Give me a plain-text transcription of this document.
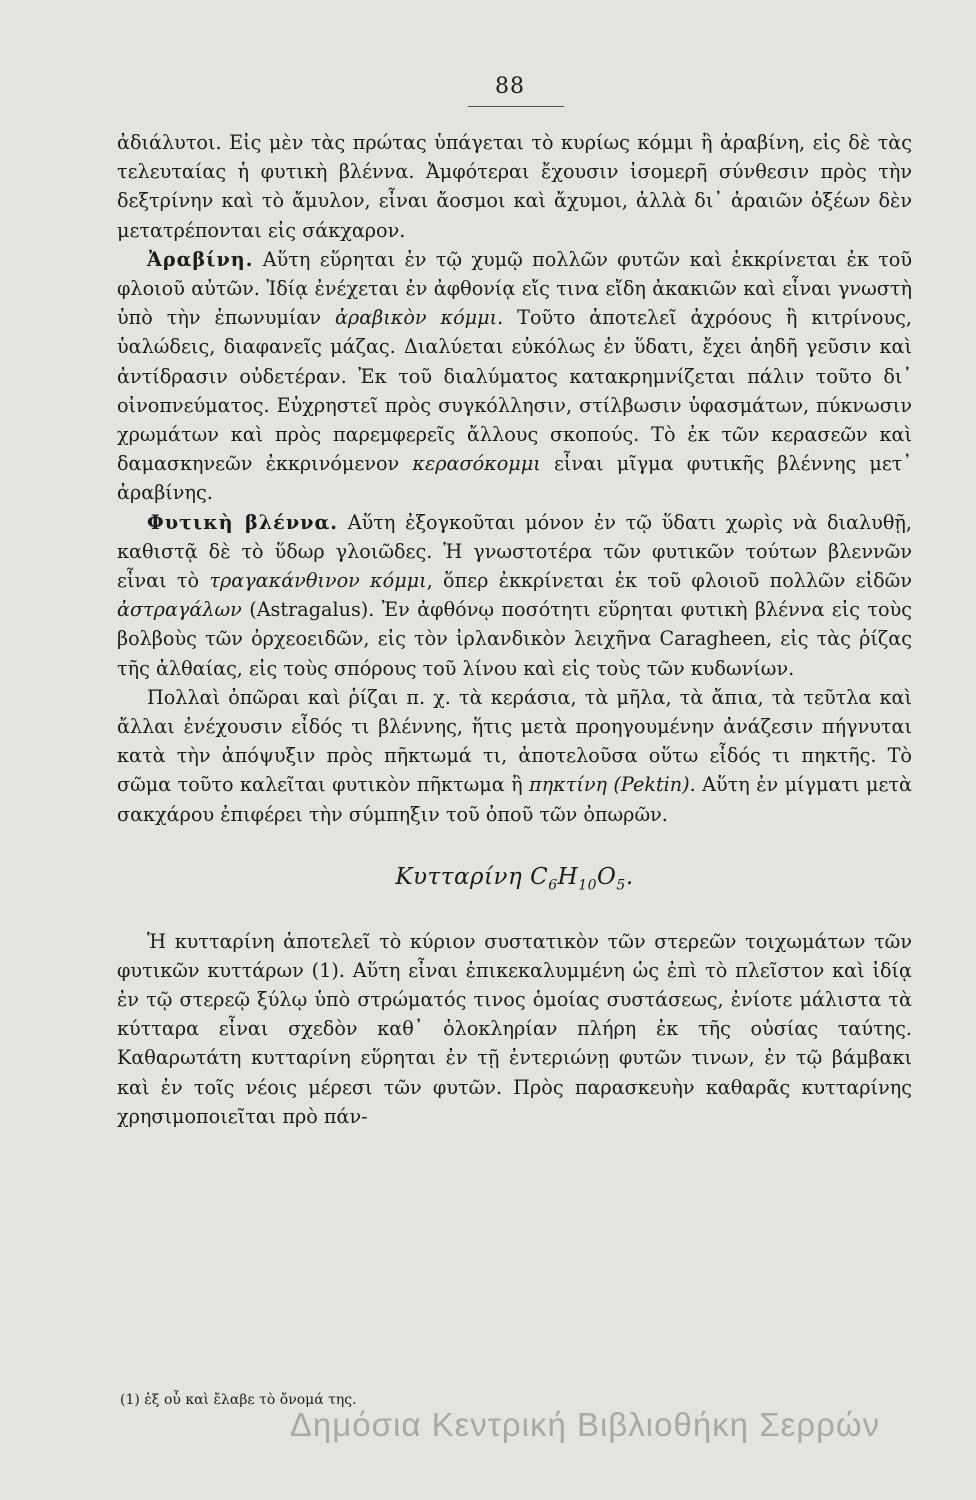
88

ἀδιάλυτοι. Εἰς μὲν τὰς πρώτας ὑπάγεται τὸ κυρίως κόμμι ἢ ἀραβίνη, εἰς δὲ τὰς τελευταίας ἡ φυτικὴ βλέννα. Ἀμφότεραι ἔχουσιν ἰσομερῆ σύνθεσιν πρὸς τὴν δεξτρίνην καὶ τὸ ἄμυλον, εἶναι ἄοσμοι καὶ ἄχυμοι, ἀλλὰ δι᾿ ἀραιῶν ὀξέων δὲν μετατρέπονται εἰς σάκχαρον.

Ἀραβίνη. Αὕτη εὕρηται ἐν τῷ χυμῷ πολλῶν φυτῶν καὶ ἐκκρίνεται ἐκ τοῦ φλοιοῦ αὐτῶν. Ἰδίᾳ ἐνέχεται ἐν ἀφθονίᾳ εἴς τινα εἴδη ἀκακιῶν καὶ εἶναι γνωστὴ ὑπὸ τὴν ἐπωνυμίαν ἀραβικὸν κόμμι. Τοῦτο ἀποτελεῖ ἀχρόους ἢ κιτρίνους, ὑαλώδεις, διαφανεῖς μάζας. Διαλύεται εὐκόλως ἐν ὕδατι, ἔχει ἀηδῆ γεῦσιν καὶ ἀντίδρασιν οὐδετέραν. Ἐκ τοῦ διαλύματος κατακρημνίζεται πάλιν τοῦτο δι᾿ οἰνοπνεύματος. Εὐχρηστεῖ πρὸς συγκόλλησιν, στίλβωσιν ὑφασμάτων, πύκνωσιν χρωμάτων καὶ πρὸς παρεμφερεῖς ἄλλους σκοπούς. Τὸ ἐκ τῶν κερασεῶν καὶ δαμασκηνεῶν ἐκκρινόμενον κερασόκομμι εἶναι μῖγμα φυτικῆς βλέννης μετ᾿ ἀραβίνης.

Φυτικὴ βλέννα. Αὕτη ἐξογκοῦται μόνον ἐν τῷ ὕδατι χωρὶς νὰ διαλυθῇ, καθιστᾷ δὲ τὸ ὕδωρ γλοιῶδες. Ἡ γνωστοτέρα τῶν φυτικῶν τούτων βλεννῶν εἶναι τὸ τραγακάνθινον κόμμι, ὅπερ ἐκκρίνεται ἐκ τοῦ φλοιοῦ πολλῶν εἰδῶν ἀστραγάλων (Astragalus). Ἐν ἀφθόνῳ ποσότητι εὕρηται φυτικὴ βλέννα εἰς τοὺς βολβοὺς τῶν ὀρχεοειδῶν, εἰς τὸν ἰρλανδικὸν λειχῆνα Caragheen, εἰς τὰς ῥίζας τῆς ἀλθαίας, εἰς τοὺς σπόρους τοῦ λίνου καὶ εἰς τοὺς τῶν κυδωνίων.

Πολλαὶ ὀπῶραι καὶ ῥίζαι π. χ. τὰ κεράσια, τὰ μῆλα, τὰ ἄπια, τὰ τεῦτλα καὶ ἄλλαι ἐνέχουσιν εἶδός τι βλέννης, ἥτις μετὰ προηγουμένην ἀνάζεσιν πήγνυται κατὰ τὴν ἀπόψυξιν πρὸς πῆκτωμά τι, ἀποτελοῦσα οὕτω εἶδός τι πηκτῆς. Τὸ σῶμα τοῦτο καλεῖται φυτικὸν πῆκτωμα ἢ πηκτίνη (Pektin). Αὕτη ἐν μίγματι μετὰ σακχάρου ἐπιφέρει τὴν σύμπηξιν τοῦ ὀποῦ τῶν ὀπωρῶν.

Κυτταρίνη $C_6H_{10}O_5$.

Ἡ κυτταρίνη ἀποτελεῖ τὸ κύριον συστατικὸν τῶν στερεῶν τοιχωμάτων τῶν φυτικῶν κυττάρων (1). Αὕτη εἶναι ἐπικεκαλυμμένη ὡς ἐπὶ τὸ πλεῖστον καὶ ἰδίᾳ ἐν τῷ στερεῷ ξύλῳ ὑπὸ στρώματός τινος ὁμοίας συστάσεως, ἐνίοτε μάλιστα τὰ κύτταρα εἶναι σχεδὸν καθ᾿ ὁλοκληρίαν πλήρη ἐκ τῆς οὐσίας ταύτης. Καθαρωτάτη κυτταρίνη εὕρηται ἐν τῇ ἐντεριώνῃ φυτῶν τινων, ἐν τῷ βάμβακι καὶ ἐν τοῖς νέοις μέρεσι τῶν φυτῶν. Πρὸς παρασκευὴν καθαρᾶς κυτταρίνης χρησιμοποιεῖται πρὸ πάν-

(1) ἐξ οὗ καὶ ἔλαβε τὸ ὄνομά της.
Δημόσια Κεντρική Βιβλιοθήκη Σερρών
